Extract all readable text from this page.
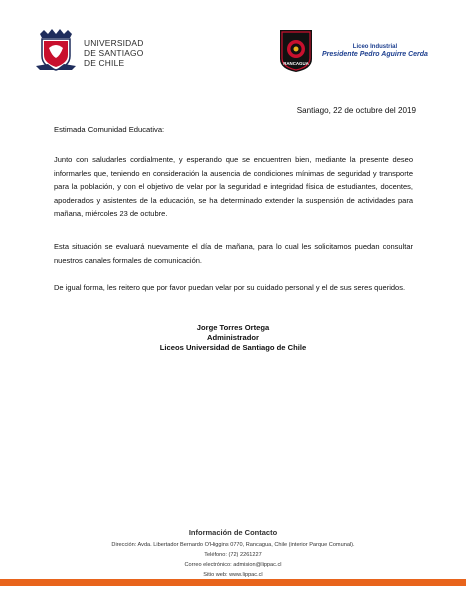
UNIVERSIDAD
DE SANTIAGO
DE CHILE	RANCAGUA
Liceo Industrial
Presidente Pedro Aguirre Cerda
Santiago, 22 de octubre del 2019
Estimada Comunidad Educativa:
Junto con saludarles cordialmente, y esperando que se encuentren bien, mediante la presente deseo informarles que, teniendo en consideración la ausencia de condiciones mínimas de seguridad y transporte para la población, y con el objetivo de velar por la seguridad e integridad física de estudiantes, docentes, apoderados y asistentes de la educación, se ha determinado extender la suspensión de actividades para mañana, miércoles 23 de octubre.
Esta situación se evaluará nuevamente el día de mañana, para lo cual les solicitamos puedan consultar nuestros canales formales de comunicación.
De igual forma, les reitero que por favor puedan velar por su cuidado personal y el de sus seres queridos.
Jorge Torres Ortega
Administrador
Liceos Universidad de Santiago de Chile
Información de Contacto
Dirección: Avda. Libertador Bernardo O'Higgins 0770, Rancagua, Chile (interior Parque Comunal).
Teléfono: (72) 2261227
Correo electrónico: admision@lippac.cl
Sitio web: www.lippac.cl
